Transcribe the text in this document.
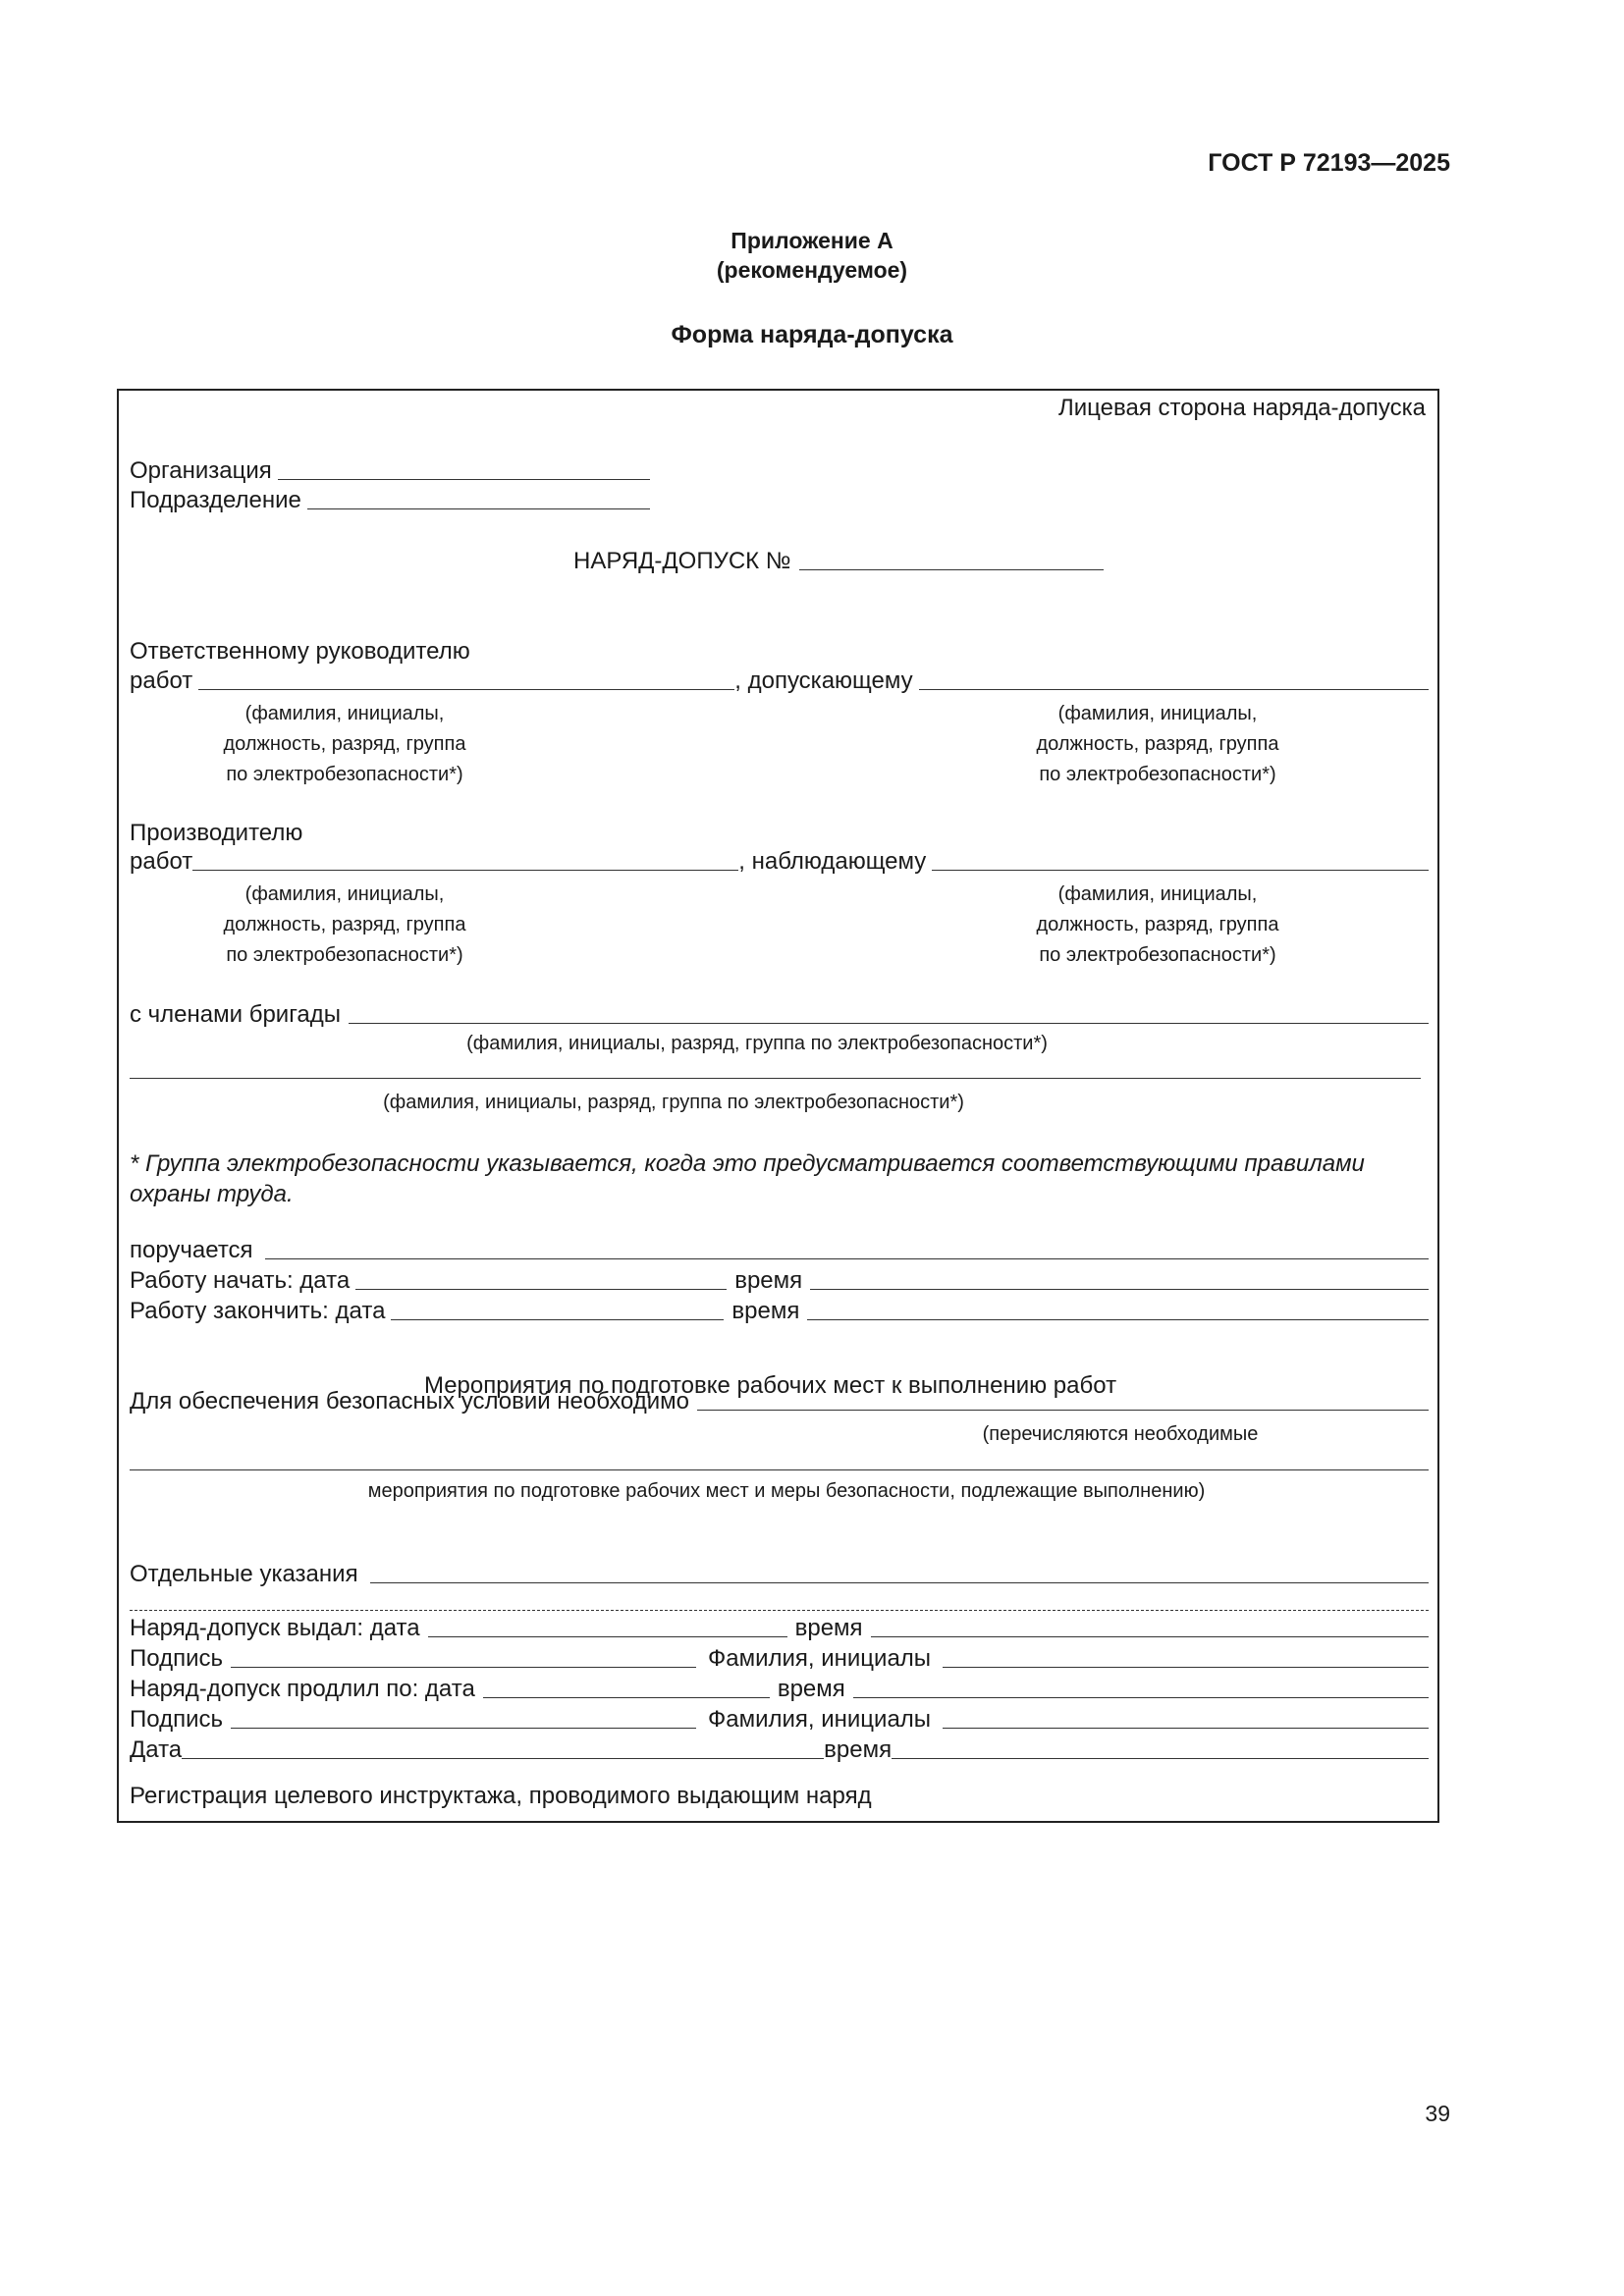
ГОСТ Р 72193—2025
Приложение А
(рекомендуемое)
Форма наряда-допуска
Лицевая сторона наряда-допуска
Организация
Подразделение
НАРЯД-ДОПУСК №
Ответственному руководителю
работ	, допускающему
(фамилия, инициалы,
должность, разряд, группа
по электробезопасности*)
(фамилия, инициалы,
должность, разряд, группа
по электробезопасности*)
Производителю
работ	, наблюдающему
(фамилия, инициалы,
должность, разряд, группа
по электробезопасности*)
(фамилия, инициалы,
должность, разряд, группа
по электробезопасности*)
с членами бригады
(фамилия, инициалы, разряд, группа по электробезопасности*)
(фамилия, инициалы, разряд, группа по электробезопасности*)
* Группа электробезопасности указывается, когда это предусматривается соответствующими правилами охраны труда.
поручается
Работу начать: дата	время
Работу закончить: дата	время
Мероприятия по подготовке рабочих мест к выполнению работ
Для обеспечения безопасных условий необходимо
(перечисляются необходимые
мероприятия по подготовке рабочих мест и меры безопасности, подлежащие выполнению)
Отдельные указания
Наряд-допуск выдал: дата	время
Подпись	Фамилия, инициалы
Наряд-допуск продлил по: дата	время
Подпись	Фамилия, инициалы
Дата	время
Регистрация целевого инструктажа, проводимого выдающим наряд
39
